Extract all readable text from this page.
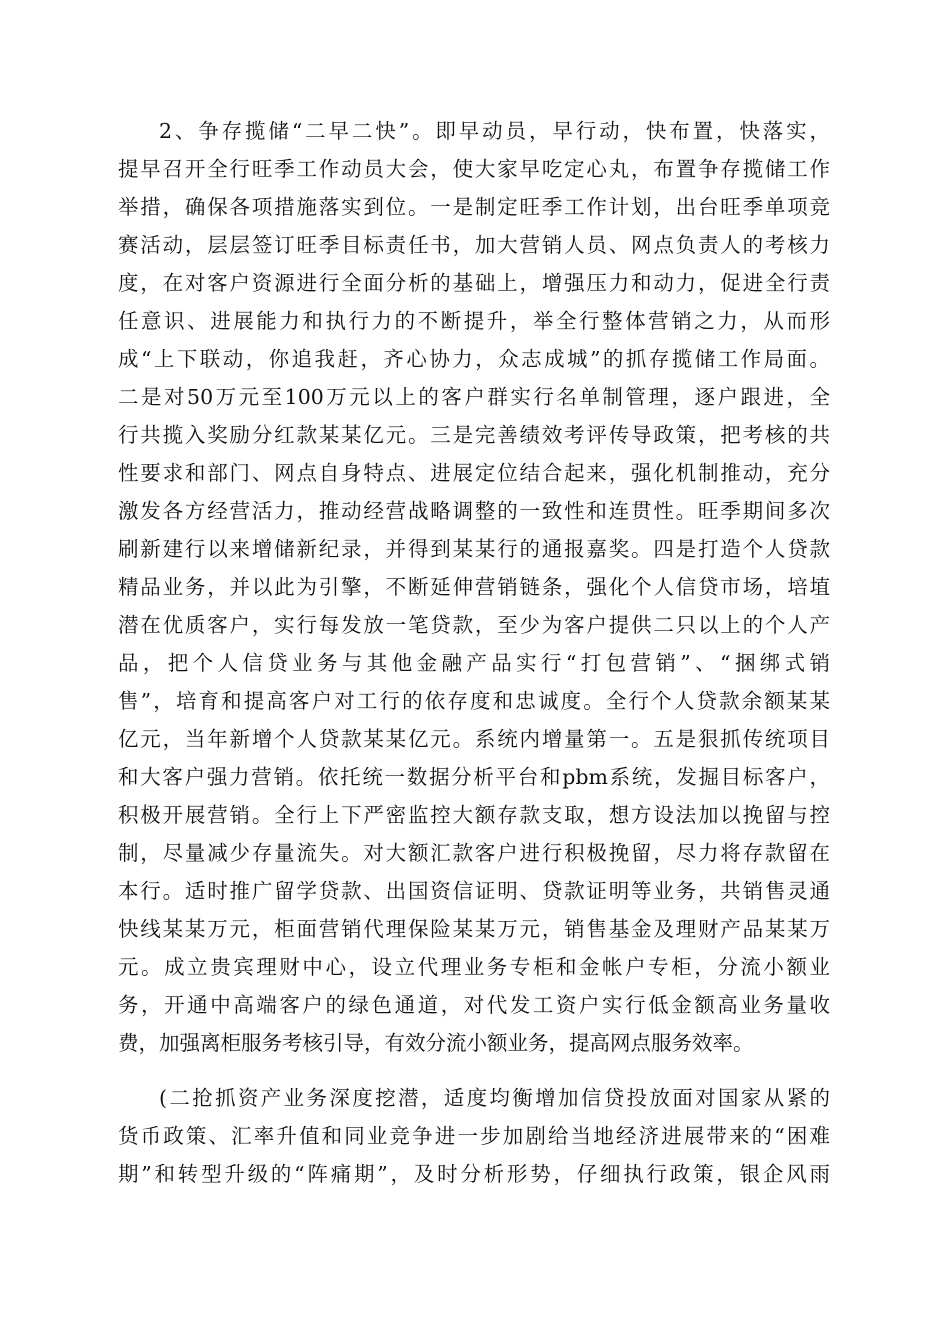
2、争存揽储“二早二快”。即早动员，早行动，快布置，快落实，
提早召开全行旺季工作动员大会，使大家早吃定心丸，布置争存揽储工作
举措，确保各项措施落实到位。一是制定旺季工作计划，出台旺季单项竞
赛活动，层层签订旺季目标责任书，加大营销人员、网点负责人的考核力
度，在对客户资源进行全面分析的基础上，增强压力和动力，促进全行责
任意识、进展能力和执行力的不断提升，举全行整体营销之力，从而形
成“上下联动，你追我赶，齐心协力，众志成城”的抓存揽储工作局面。
二是对50万元至100万元以上的客户群实行名单制管理，逐户跟进，全
行共揽入奖励分红款某某亿元。三是完善绩效考评传导政策，把考核的共
性要求和部门、网点自身特点、进展定位结合起来，强化机制推动，充分
激发各方经营活力，推动经营战略调整的一致性和连贯性。旺季期间多次
刷新建行以来增储新纪录，并得到某某行的通报嘉奖。四是打造个人贷款
精品业务，并以此为引擎，不断延伸营销链条，强化个人信贷市场，培埴
潜在优质客户，实行每发放一笔贷款，至少为客户提供二只以上的个人产
品，把个人信贷业务与其他金融产品实行“打包营销”、“捆绑式销
售”，培育和提高客户对工行的依存度和忠诚度。全行个人贷款余额某某
亿元，当年新增个人贷款某某亿元。系统内增量第一。五是狠抓传统项目
和大客户强力营销。依托统一数据分析平台和pbm系统，发掘目标客户，
积极开展营销。全行上下严密监控大额存款支取，想方设法加以挽留与控
制，尽量减少存量流失。对大额汇款客户进行积极挽留，尽力将存款留在
本行。适时推广留学贷款、出国资信证明、贷款证明等业务，共销售灵通
快线某某万元，柜面营销代理保险某某万元，销售基金及理财产品某某万
元。成立贵宾理财中心，设立代理业务专柜和金帐户专柜，分流小额业
务，开通中高端客户的绿色通道，对代发工资户实行低金额高业务量收
费，加强离柜服务考核引导，有效分流小额业务，提高网点服务效率。
(二抢抓资产业务深度挖潜，适度均衡增加信贷投放面对国家从紧的
货币政策、汇率升值和同业竞争进一步加剧给当地经济进展带来的“困难
期”和转型升级的“阵痛期”，及时分析形势，仔细执行政策，银企风雨
